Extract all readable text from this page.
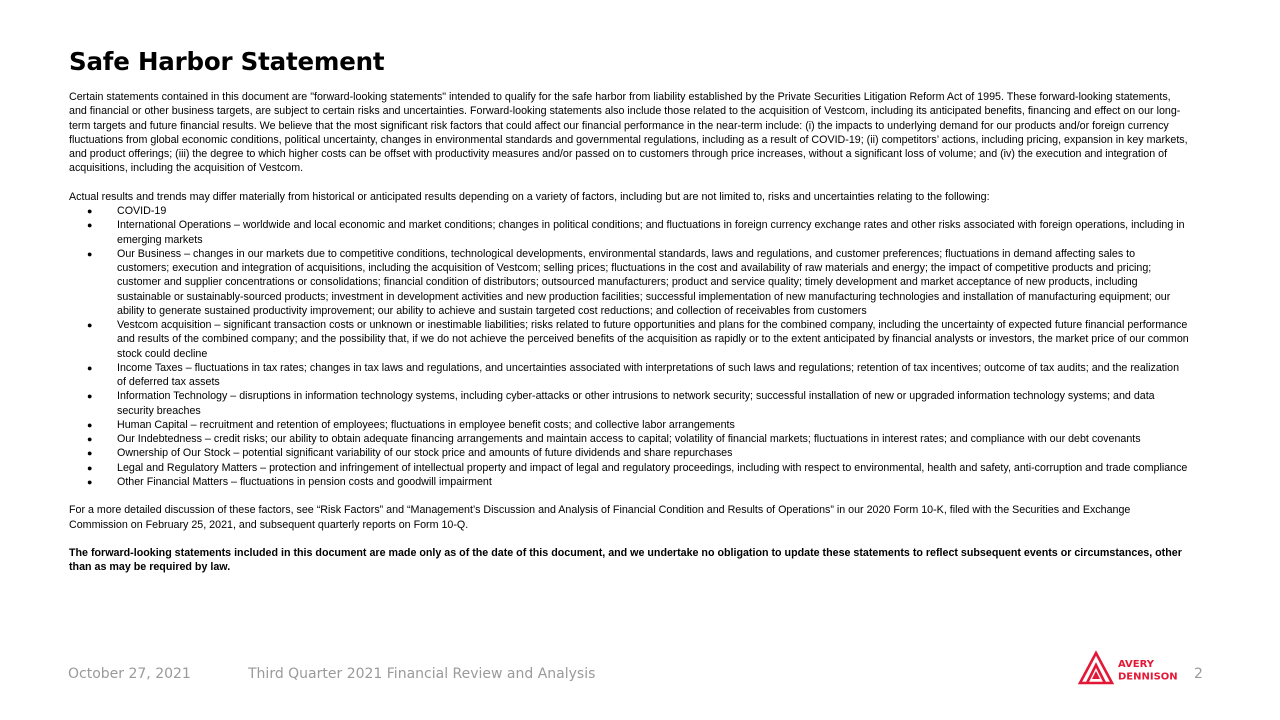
Safe Harbor Statement

Certain statements contained in this document are "forward-looking statements" intended to qualify for the safe harbor from liability established by the Private Securities Litigation Reform Act of 1995. These forward-looking statements, and financial or other business targets, are subject to certain risks and uncertainties. Forward-looking statements also include those related to the acquisition of Vestcom, including its anticipated benefits, financing and effect on our long-term targets and future financial results. We believe that the most significant risk factors that could affect our financial performance in the near-term include: (i) the impacts to underlying demand for our products and/or foreign currency fluctuations from global economic conditions, political uncertainty, changes in environmental standards and governmental regulations, including as a result of COVID-19; (ii) competitors’ actions, including pricing, expansion in key markets, and product offerings; (iii) the degree to which higher costs can be offset with productivity measures and/or passed on to customers through price increases, without a significant loss of volume; and (iv) the execution and integration of acquisitions, including the acquisition of Vestcom.

Actual results and trends may differ materially from historical or anticipated results depending on a variety of factors, including but are not limited to, risks and uncertainties relating to the following:

● COVID-19
● International Operations – worldwide and local economic and market conditions; changes in political conditions; and fluctuations in foreign currency exchange rates and other risks associated with foreign operations, including in emerging markets
● Our Business – changes in our markets due to competitive conditions, technological developments, environmental standards, laws and regulations, and customer preferences; fluctuations in demand affecting sales to customers; execution and integration of acquisitions, including the acquisition of Vestcom; selling prices; fluctuations in the cost and availability of raw materials and energy; the impact of competitive products and pricing; customer and supplier concentrations or consolidations; financial condition of distributors; outsourced manufacturers; product and service quality; timely development and market acceptance of new products, including sustainable or sustainably-sourced products; investment in development activities and new production facilities; successful implementation of new manufacturing technologies and installation of manufacturing equipment; our ability to generate sustained productivity improvement; our ability to achieve and sustain targeted cost reductions; and collection of receivables from customers
● Vestcom acquisition – significant transaction costs or unknown or inestimable liabilities; risks related to future opportunities and plans for the combined company, including the uncertainty of expected future financial performance and results of the combined company; and the possibility that, if we do not achieve the perceived benefits of the acquisition as rapidly or to the extent anticipated by financial analysts or investors, the market price of our common stock could decline
● Income Taxes – fluctuations in tax rates; changes in tax laws and regulations, and uncertainties associated with interpretations of such laws and regulations; retention of tax incentives; outcome of tax audits; and the realization of deferred tax assets
● Information Technology – disruptions in information technology systems, including cyber-attacks or other intrusions to network security; successful installation of new or upgraded information technology systems; and data security breaches
● Human Capital – recruitment and retention of employees; fluctuations in employee benefit costs; and collective labor arrangements
● Our Indebtedness – credit risks; our ability to obtain adequate financing arrangements and maintain access to capital; volatility of financial markets; fluctuations in interest rates; and compliance with our debt covenants
● Ownership of Our Stock – potential significant variability of our stock price and amounts of future dividends and share repurchases
● Legal and Regulatory Matters – protection and infringement of intellectual property and impact of legal and regulatory proceedings, including with respect to environmental, health and safety, anti-corruption and trade compliance
● Other Financial Matters – fluctuations in pension costs and goodwill impairment

For a more detailed discussion of these factors, see “Risk Factors” and “Management’s Discussion and Analysis of Financial Condition and Results of Operations” in our 2020 Form 10-K, filed with the Securities and Exchange Commission on February 25, 2021, and subsequent quarterly reports on Form 10-Q.

The forward-looking statements included in this document are made only as of the date of this document, and we undertake no obligation to update these statements to reflect subsequent events or circumstances, other than as may be required by law.

October 27, 2021	Third Quarter 2021 Financial Review and Analysis
AVERY
DENNISON 2
